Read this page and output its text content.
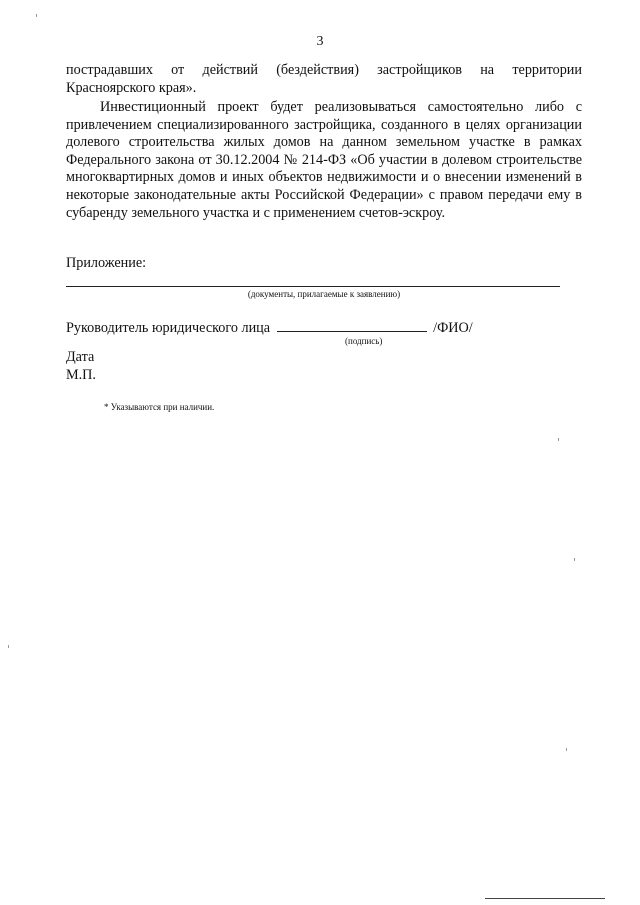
3

пострадавших от действий (бездействия) застройщиков на территории Красноярского края».

Инвестиционный проект будет реализовываться самостоятельно либо с привлечением специализированного застройщика, созданного в целях организации долевого строительства жилых домов на данном земельном участке в рамках Федерального закона от 30.12.2004 № 214-ФЗ «Об участии в долевом строительстве многоквартирных домов и иных объектов недвижимости и о внесении изменений в некоторые законодательные акты Российской Федерации» с правом передачи ему в субаренду земельного участка и с применением счетов-эскроу.

Приложение:
(документы, прилагаемые к заявлению)
Руководитель юридического лица	/ФИО/
(подпись)
Дата
М.П.
* Указываются при наличии.
